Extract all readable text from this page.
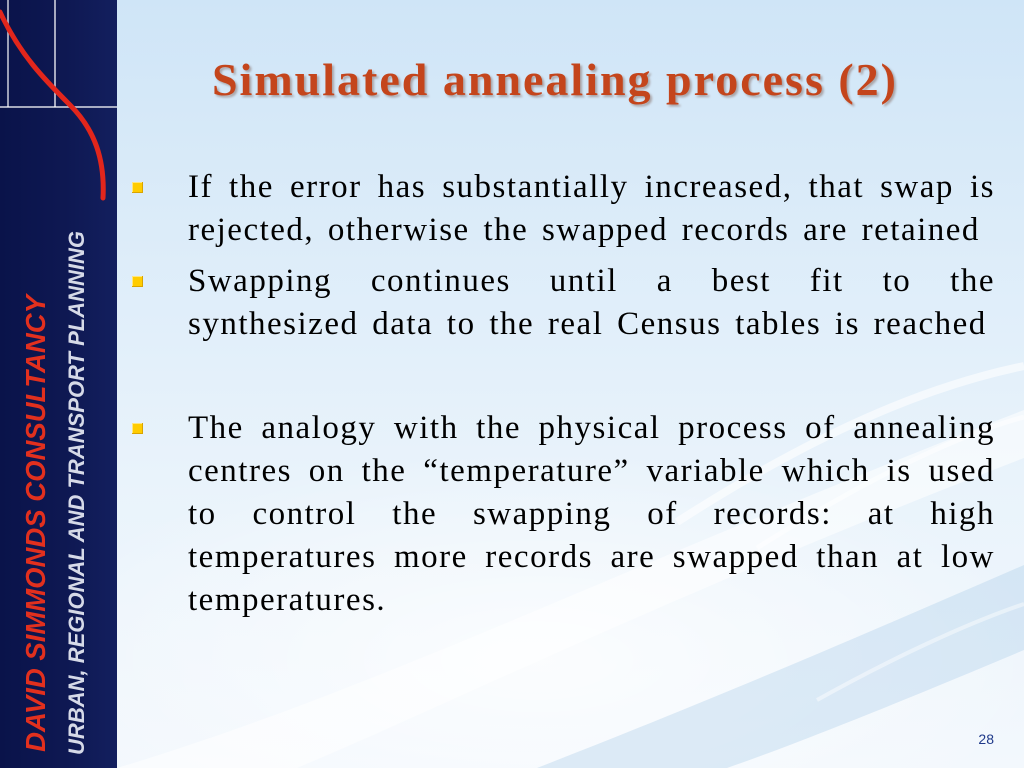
DAVID SIMMONDS CONSULTANCY URBAN, REGIONAL AND TRANSPORT PLANNING
Simulated annealing process (2)
If the error has substantially increased, that swap is
rejected, otherwise the swapped records are retained
Swapping continues until a best fit to the
synthesized data to the real Census tables is reached
The analogy with the physical process of annealing
centres on the “temperature” variable which is used
to control the swapping of records: at high
temperatures more records are swapped than at low
temperatures.
28
